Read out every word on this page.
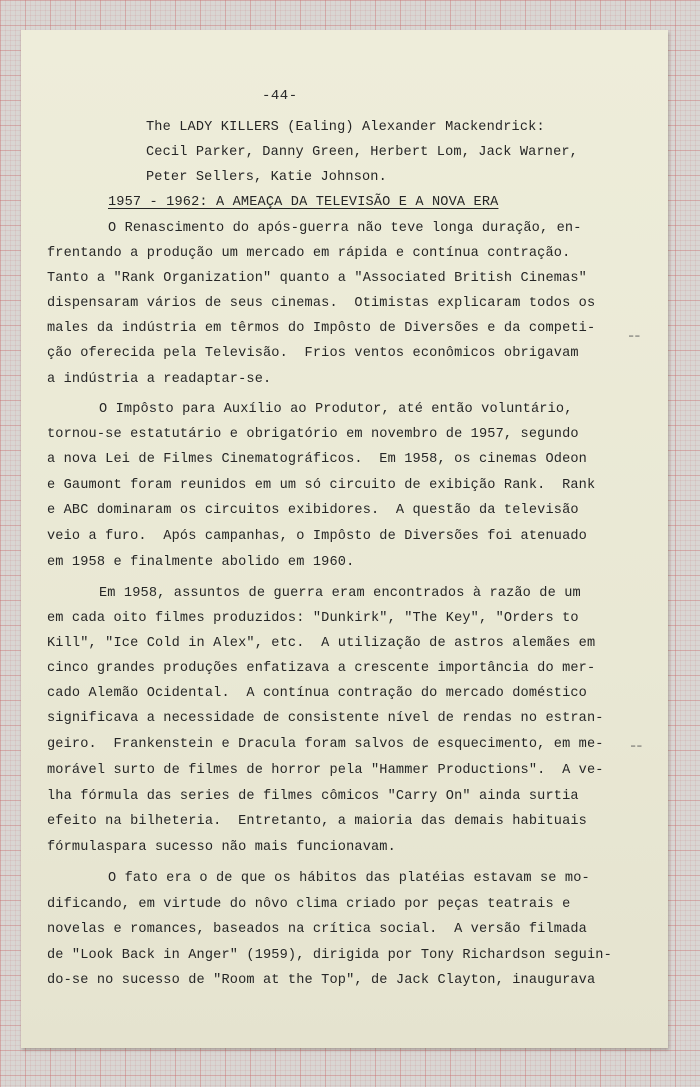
-44-

The LADY KILLERS (Ealing) Alexander Mackendrick:

Cecil Parker, Danny Green, Herbert Lom, Jack Warner,

Peter Sellers, Katie Johnson.

1957 - 1962: A AMEAÇA DA TELEVISÃO E A NOVA ERA

O Renascimento do após-guerra não teve longa duração, en-

frentando a produção um mercado em rápida e contínua contração.

Tanto a "Rank Organization" quanto a "Associated British Cinemas"

dispensaram vários de seus cinemas.  Otimistas explicaram todos os

males da indústria em têrmos do Impôsto de Diversões e da competi-

ção oferecida pela Televisão.  Frios ventos econômicos obrigavam

a indústria a readaptar-se.

O Impôsto para Auxílio ao Produtor, até então voluntário,

tornou-se estatutário e obrigatório em novembro de 1957, segundo

a nova Lei de Filmes Cinematográficos.  Em 1958, os cinemas Odeon

e Gaumont foram reunidos em um só circuito de exibição Rank.  Rank

e ABC dominaram os circuitos exibidores.  A questão da televisão

veio a furo.  Após campanhas, o Impôsto de Diversões foi atenuado

em 1958 e finalmente abolido em 1960.

Em 1958, assuntos de guerra eram encontrados à razão de um

em cada oito filmes produzidos: "Dunkirk", "The Key", "Orders to

Kill", "Ice Cold in Alex", etc.  A utilização de astros alemães em

cinco grandes produções enfatizava a crescente importância do mer-

cado Alemão Ocidental.  A contínua contração do mercado doméstico

significava a necessidade de consistente nível de rendas no estran-

geiro.  Frankenstein e Dracula foram salvos de esquecimento, em me-

morável surto de filmes de horror pela "Hammer Productions".  A ve-

lha fórmula das series de filmes cômicos "Carry On" ainda surtia

efeito na bilheteria.  Entretanto, a maioria das demais habituais

fórmulaspara sucesso não mais funcionavam.

O fato era o de que os hábitos das platéias estavam se mo-

dificando, em virtude do nôvo clima criado por peças teatrais e

novelas e romances, baseados na crítica social.  A versão filmada

de "Look Back in Anger" (1959), dirigida por Tony Richardson seguin-

do-se no sucesso de "Room at the Top", de Jack Clayton, inaugurava

¦
¦
